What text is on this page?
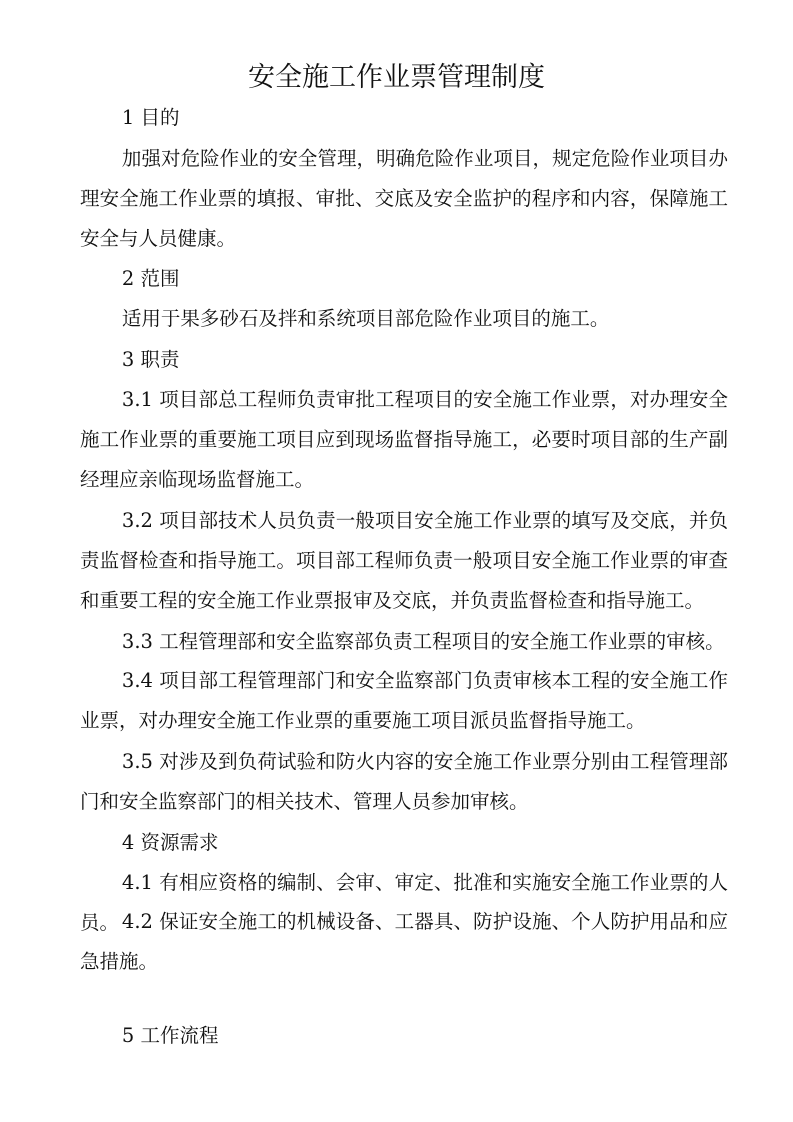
安全施工作业票管理制度

1 目的

加强对危险作业的安全管理，明确危险作业项目，规定危险作业项目办理安全施工作业票的填报、审批、交底及安全监护的程序和内容，保障施工安全与人员健康。

2 范围

适用于果多砂石及拌和系统项目部危险作业项目的施工。

3 职责

3.1 项目部总工程师负责审批工程项目的安全施工作业票，对办理安全施工作业票的重要施工项目应到现场监督指导施工，必要时项目部的生产副经理应亲临现场监督施工。

3.2 项目部技术人员负责一般项目安全施工作业票的填写及交底，并负责监督检查和指导施工。项目部工程师负责一般项目安全施工作业票的审查和重要工程的安全施工作业票报审及交底，并负责监督检查和指导施工。

3.3 工程管理部和安全监察部负责工程项目的安全施工作业票的审核。

3.4 项目部工程管理部门和安全监察部门负责审核本工程的安全施工作业票，对办理安全施工作业票的重要施工项目派员监督指导施工。

3.5 对涉及到负荷试验和防火内容的安全施工作业票分别由工程管理部门和安全监察部门的相关技术、管理人员参加审核。

4 资源需求

4.1 有相应资格的编制、会审、审定、批准和实施安全施工作业票的人员。 4.2 保证安全施工的机械设备、工器具、防护设施、个人防护用品和应急措施。

5 工作流程
